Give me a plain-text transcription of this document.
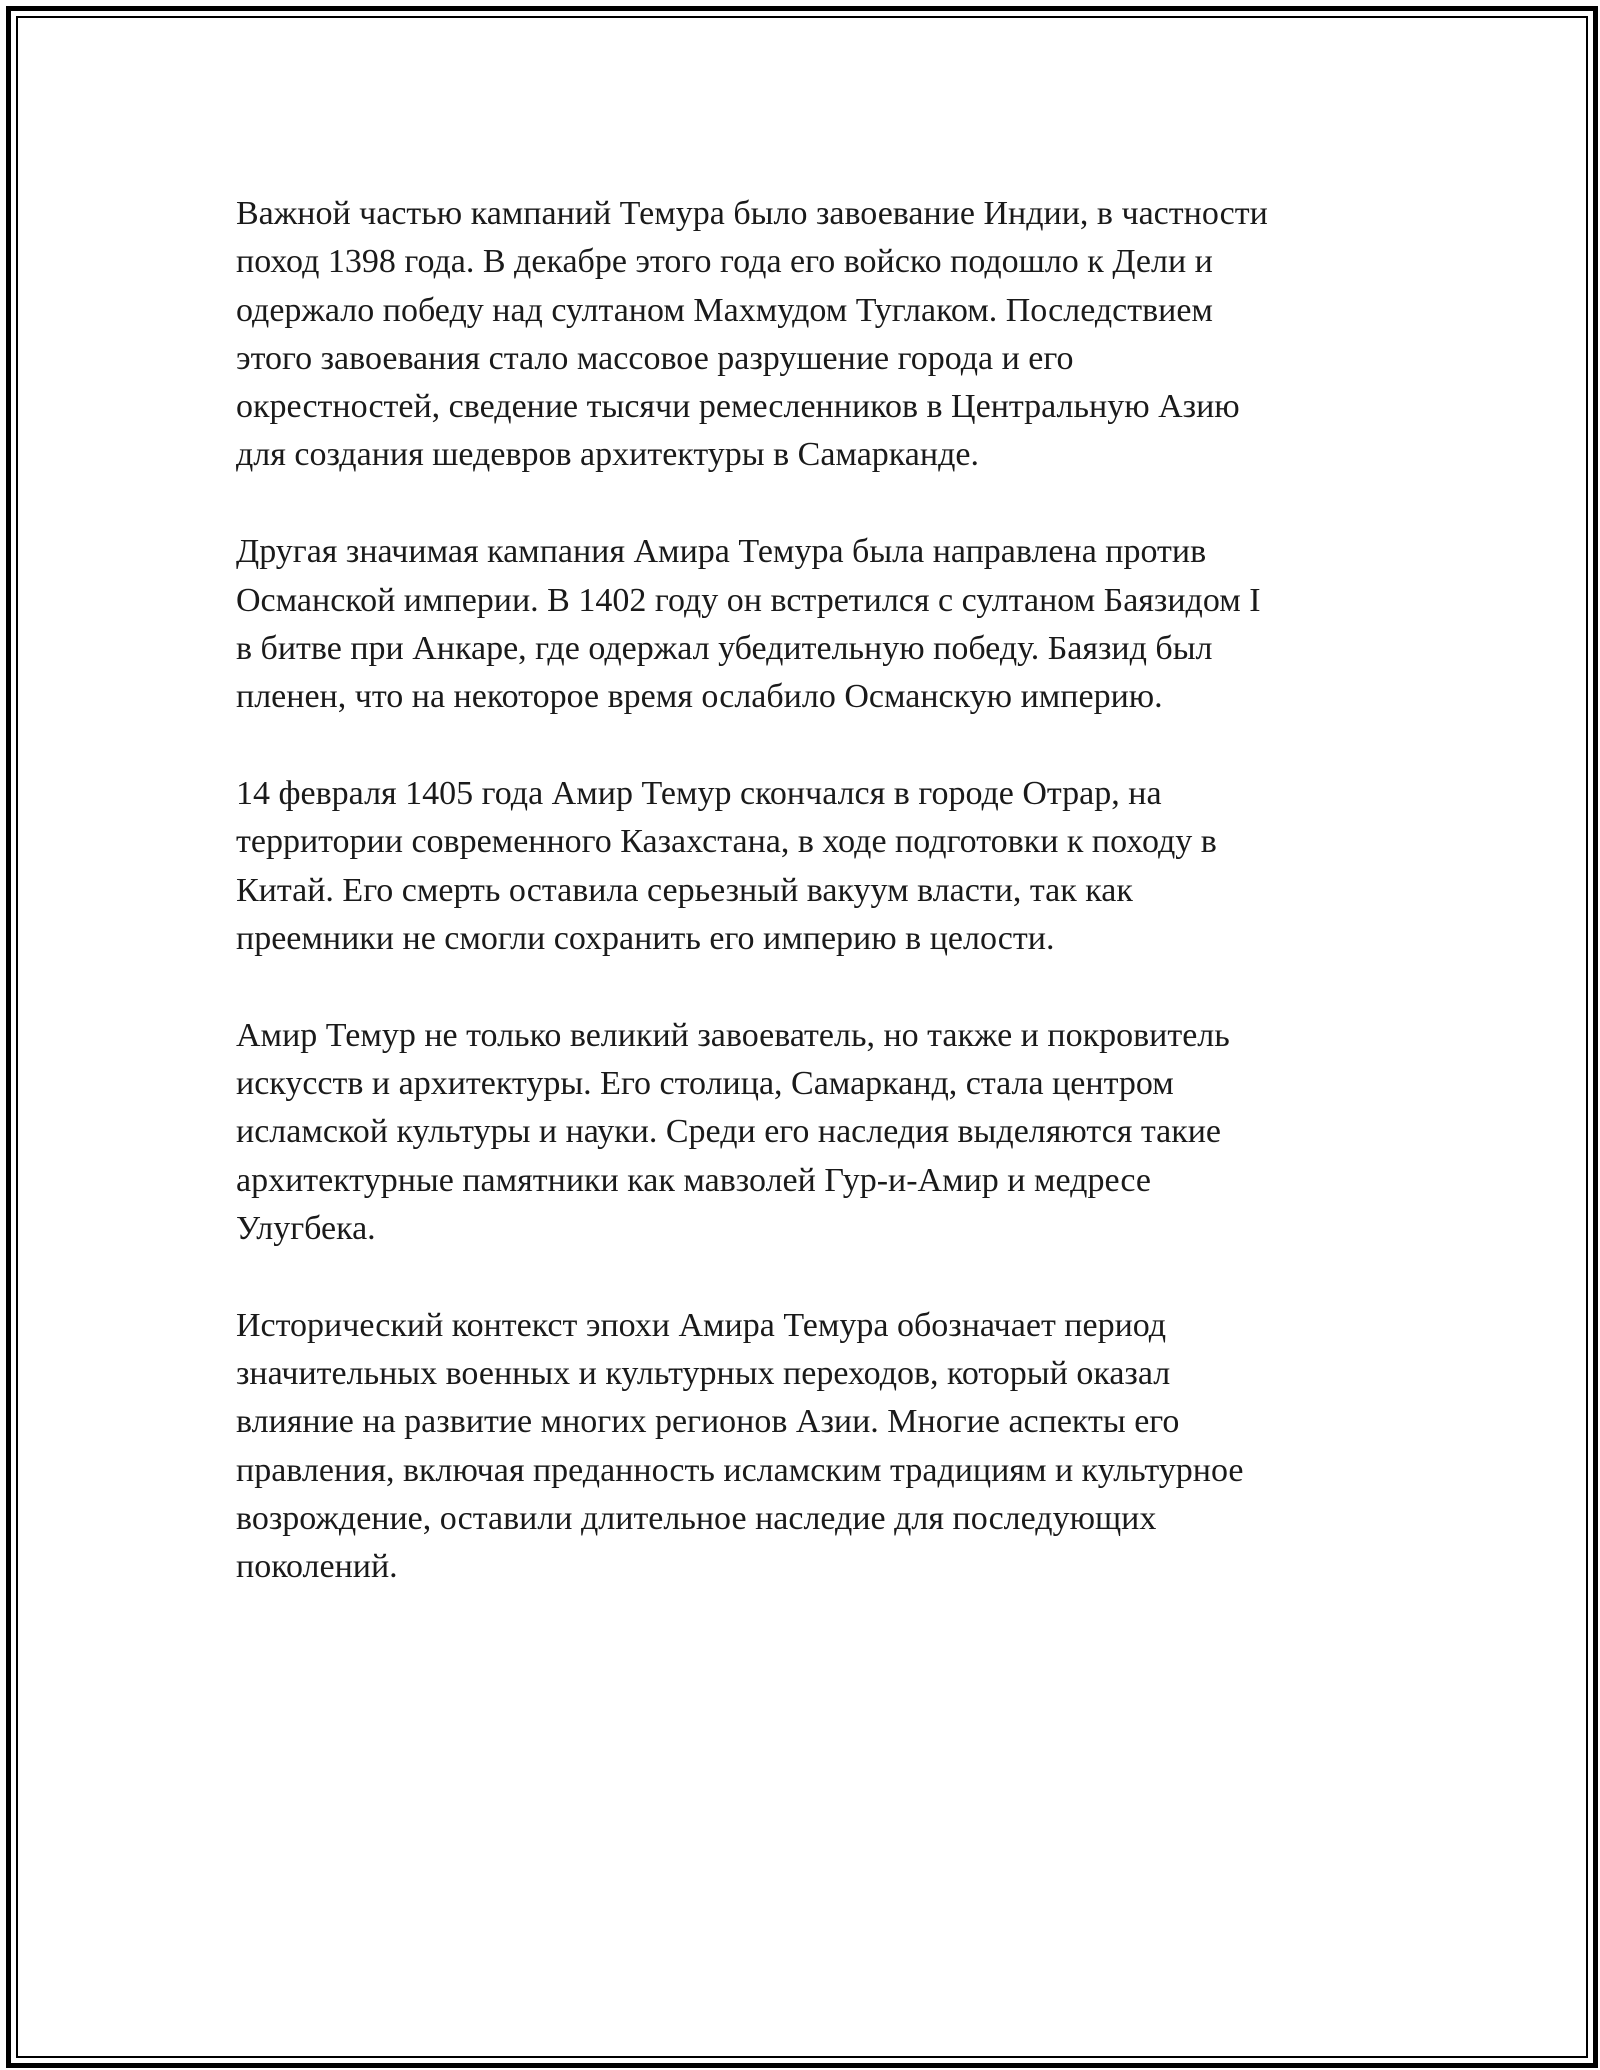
Важной частью кампаний Темура было завоевание Индии, в частности
поход 1398 года. В декабре этого года его войско подошло к Дели и
одержало победу над султаном Махмудом Туглаком. Последствием
этого завоевания стало массовое разрушение города и его
окрестностей, сведение тысячи ремесленников в Центральную Азию
для создания шедевров архитектуры в Самарканде.

Другая значимая кампания Амира Темура была направлена против
Османской империи. В 1402 году он встретился с султаном Баязидом I
в битве при Анкаре, где одержал убедительную победу. Баязид был
пленен, что на некоторое время ослабило Османскую империю.

14 февраля 1405 года Амир Темур скончался в городе Отрар, на
территории современного Казахстана, в ходе подготовки к походу в
Китай. Его смерть оставила серьезный вакуум власти, так как
преемники не смогли сохранить его империю в целости.

Амир Темур не только великий завоеватель, но также и покровитель
искусств и архитектуры. Его столица, Самарканд, стала центром
исламской культуры и науки. Среди его наследия выделяются такие
архитектурные памятники как мавзолей Гур-и-Амир и медресе
Улугбека.

Исторический контекст эпохи Амира Темура обозначает период
значительных военных и культурных переходов, который оказал
влияние на развитие многих регионов Азии. Многие аспекты его
правления, включая преданность исламским традициям и культурное
возрождение, оставили длительное наследие для последующих
поколений.
